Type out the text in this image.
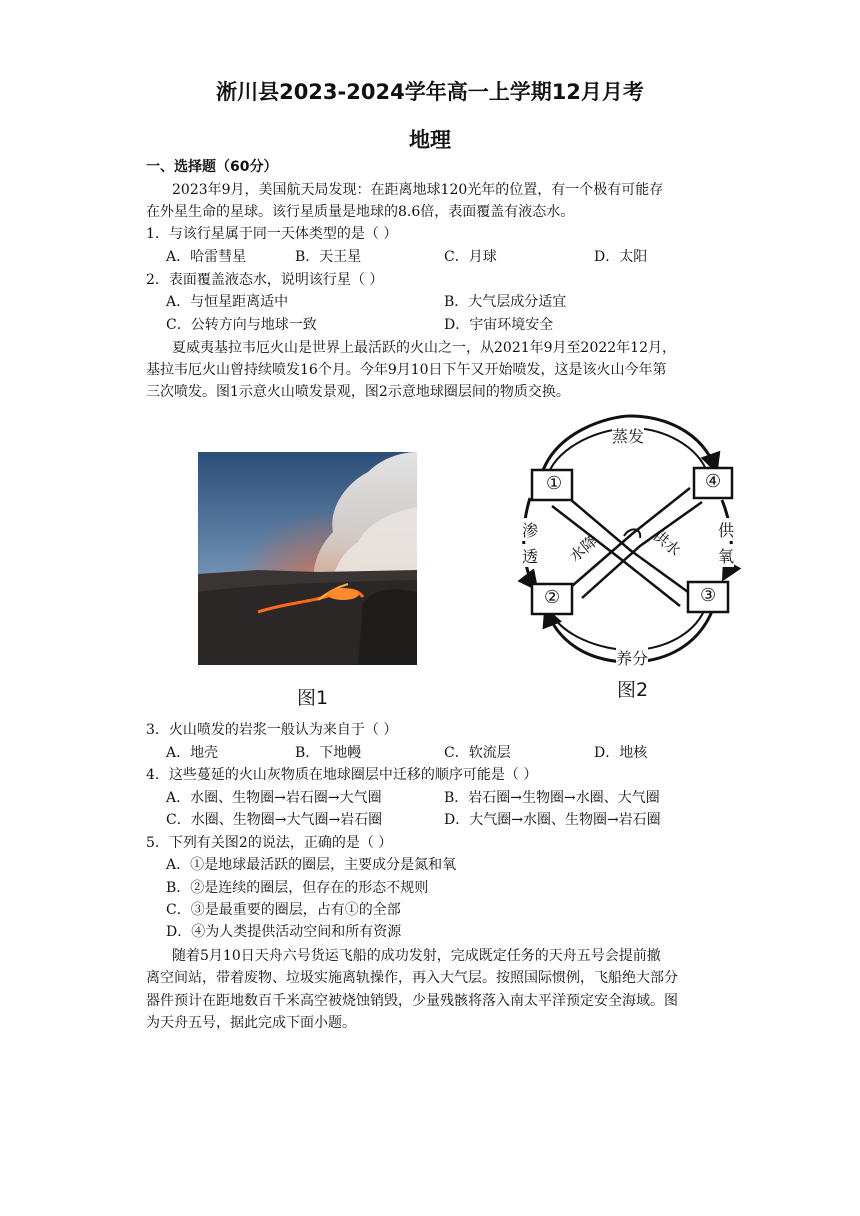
淅川县2023-2024学年高一上学期12月月考
地理
一、选择题（60分）
2023年9月，美国航天局发现：在距离地球120光年的位置，有一个极有可能存
在外星生命的星球。该行星质量是地球的8.6倍，表面覆盖有液态水。
1．与该行星属于同一天体类型的是（ ）
A．哈雷彗星	B．天王星	C．月球	D．太阳
2．表面覆盖液态水，说明该行星（ ）
A．与恒星距离适中	B．大气层成分适宜
C．公转方向与地球一致	D．宇宙环境安全
夏威夷基拉韦厄火山是世界上最活跃的火山之一，从2021年9月至2022年12月，
基拉韦厄火山曾持续喷发16个月。今年9月10日下午又开始喷发，这是该火山今年第
三次喷发。图1示意火山喷发景观，图2示意地球圈层间的物质交换。
图1
①	④
②	③
蒸发
养分
渗
透
供
氧
水降	供水
图2
3．火山喷发的岩浆一般认为来自于（ ）
A．地壳	B．下地幔	C．软流层	D．地核
4．这些蔓延的火山灰物质在地球圈层中迁移的顺序可能是（ ）
A．水圈、生物圈→岩石圈→大气圈	B．岩石圈→生物圈→水圈、大气圈
C．水圈、生物圈→大气圈→岩石圈	D．大气圈→水圈、生物圈→岩石圈
5．下列有关图2的说法，正确的是（ ）
A．①是地球最活跃的圈层，主要成分是氮和氧
B．②是连续的圈层，但存在的形态不规则
C．③是最重要的圈层，占有①的全部
D．④为人类提供活动空间和所有资源
随着5月10日天舟六号货运飞船的成功发射，完成既定任务的天舟五号会提前撤
离空间站，带着废物、垃圾实施离轨操作，再入大气层。按照国际惯例，飞船绝大部分
器件预计在距地数百千米高空被烧蚀销毁，少量残骸将落入南太平洋预定安全海域。图
为天舟五号，据此完成下面小题。
